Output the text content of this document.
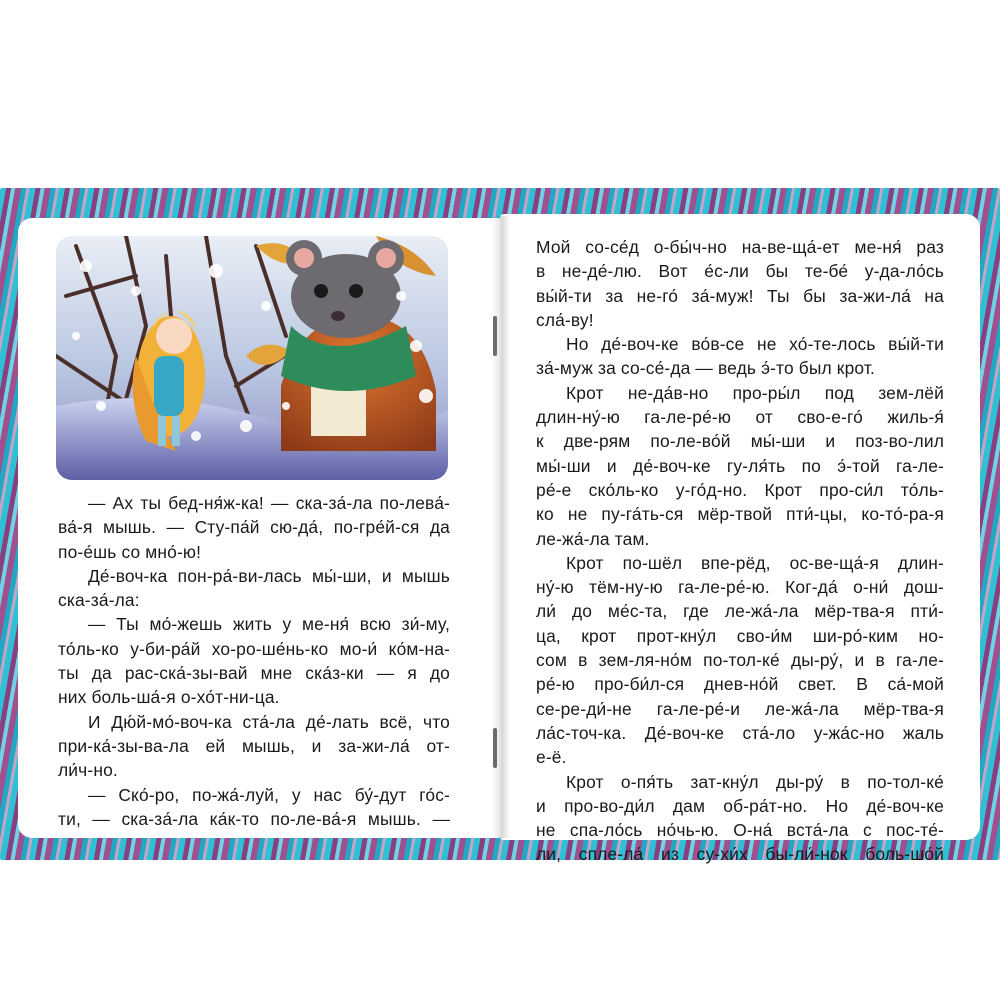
— Ах ты бед-ня́ж-ка! — ска-за́-ла по-лева́-
ва́-я мышь. — Сту-па́й сю-да́, по-гре́й-ся да
по-е́шь со мно́-ю!
Де́-воч-ка пон-ра́-ви-лась мы́-ши, и мышь
ска-за́-ла:
— Ты мо́-жешь жить у ме-ня́ всю зи́-му,
то́ль-ко у-би-ра́й хо-ро-ше́нь-ко мо-и́ ко́м-на-
ты да рас-ска́-зы-вай мне ска́з-ки — я до
них боль-ша́-я о-хо́т-ни-ца.
И Дю́й-мо́-воч-ка ста́-ла де́-лать всё, что
при-ка́-зы-ва-ла ей мышь, и за-жи-ла́ от-
ли́ч-но.
— Ско́-ро, по-жа́-луй, у нас бу́-дут го́с-
ти, — ска-за́-ла ка́к-то по-ле-ва́-я мышь. —
Мой со-се́д о-бы́ч-но на-ве-ща́-ет ме-ня́ раз
в не-де́-лю. Вот е́с-ли бы те-бе́ у-да-ло́сь
вы́й-ти за не-го́ за́-муж! Ты бы за-жи-ла́ на
сла́-ву!
Но де́-воч-ке во́в-се не хо́-те-лось вы́й-ти
за́-муж за со-се́-да — ведь э́-то был крот.
Крот не-да́в-но про-ры́л под зем-лёй
длин-ну́-ю га-ле-ре́-ю от сво-е-го́ жиль-я́
к две-рям по-ле-во́й мы́-ши и поз-во-лил
мы́-ши и де́-воч-ке гу-ля́ть по э́-той га-ле-
ре́-е ско́ль-ко у-го́д-но. Крот про-си́л то́ль-
ко не пу-га́ть-ся мёр-твой пти́-цы, ко-то́-ра-я
ле-жа́-ла там.
Крот по-шёл впе-рёд, ос-ве-ща́-я длин-
ну́-ю тём-ну-ю га-ле-ре́-ю. Ког-да́ о-ни́ дош-
ли́ до ме́с-та, где ле-жа́-ла мёр-тва-я пти́-
ца, крот прот-кну́л сво-и́м ши-ро́-ким но-
сом в зем-ля-но́м по-тол-ке́ ды-ру́, и в га-ле-
ре́-ю про-би́л-ся днев-но́й свет. В са́-мой
се-ре-ди́-не га-ле-ре́-и ле-жа́-ла мёр-тва-я
ла́с-точ-ка. Де́-воч-ке ста́-ло у-жа́с-но жаль
е-ё.
Крот о-пя́ть зат-кну́л ды-ру́ в по-тол-ке́
и про-во-ди́л дам об-ра́т-но. Но де́-воч-ке
не спа-ло́сь но́чь-ю. О-на́ вста́-ла с пос-те́-
ли, спле-ла́ из су-хи́х бы-ли́-нок боль-шо́й
